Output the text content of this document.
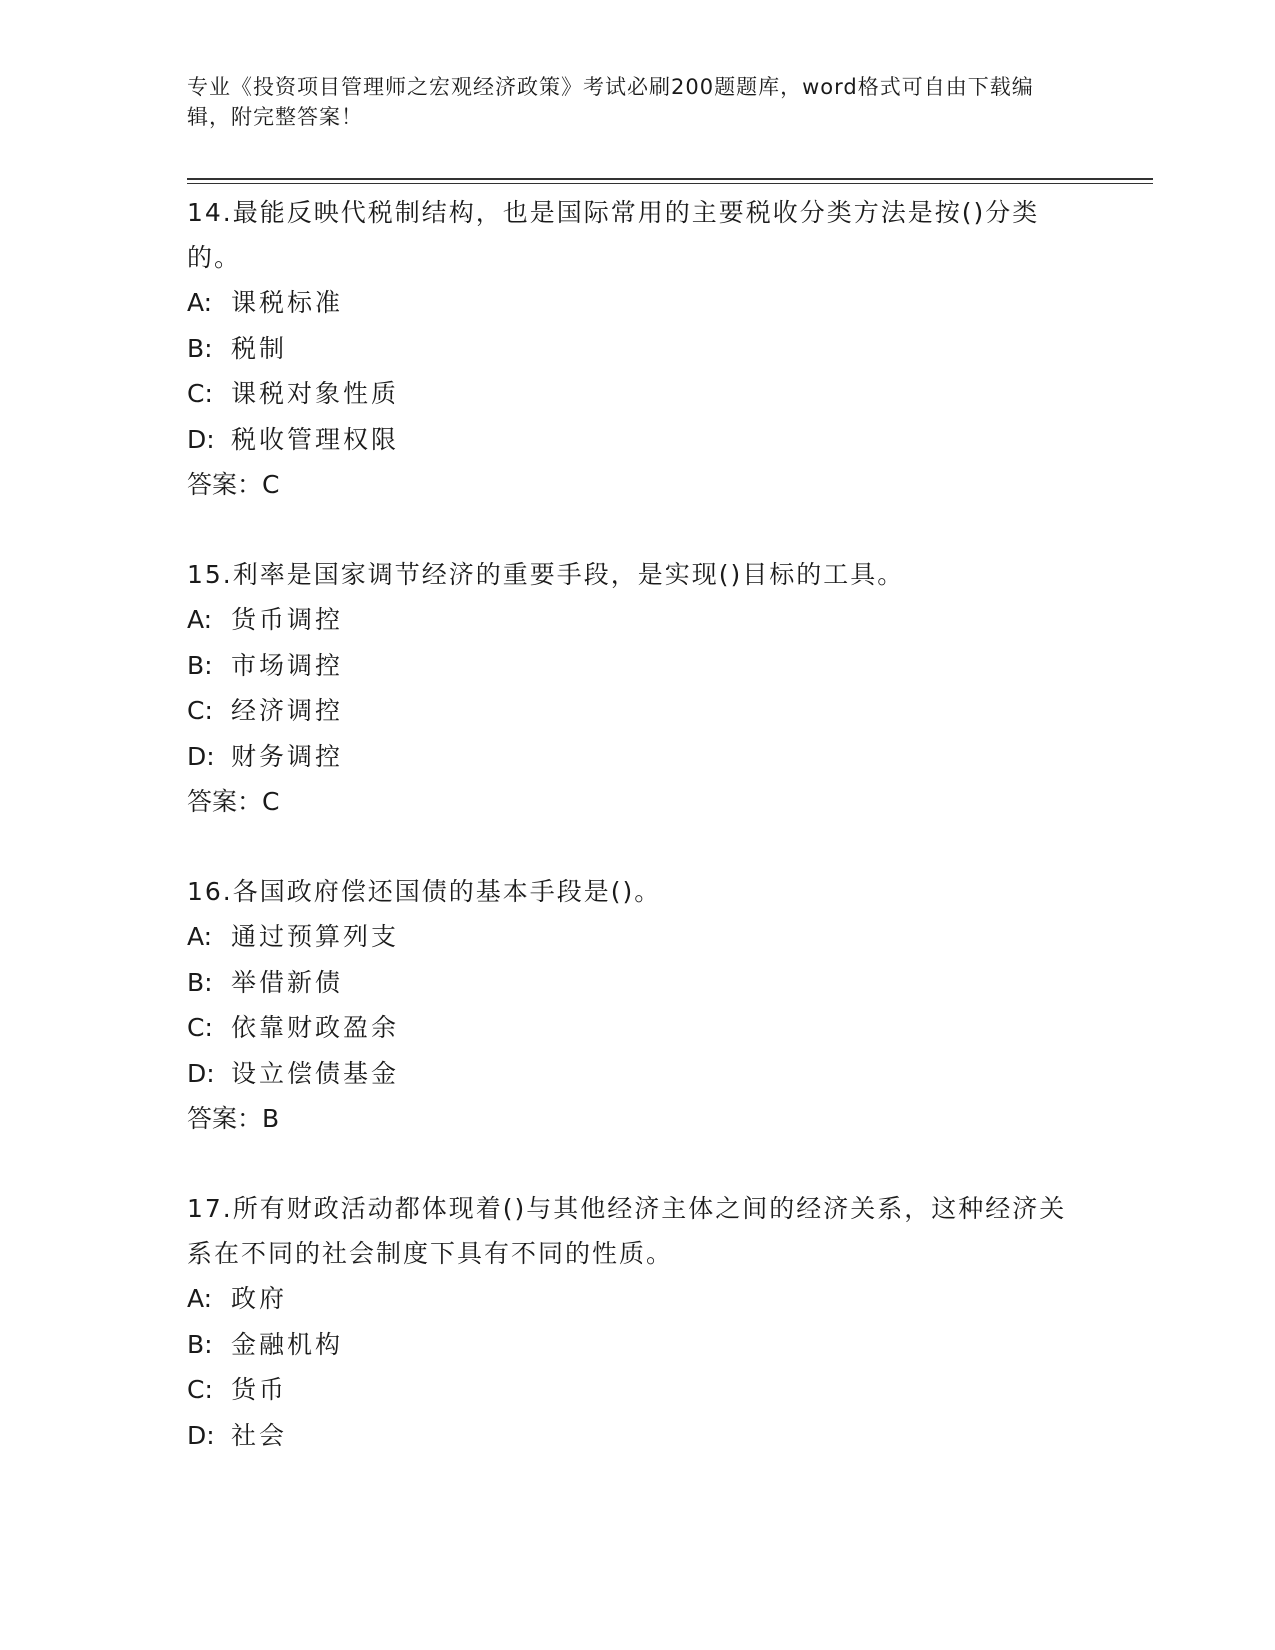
专业《投资项目管理师之宏观经济政策》考试必刷200题题库，word格式可自由下载编辑，附完整答案！

14.最能反映代税制结构，也是国际常用的主要税收分类方法是按()分类的。

A: 课税标准

B: 税制

C: 课税对象性质

D: 税收管理权限

答案：C

15.利率是国家调节经济的重要手段，是实现()目标的工具。

A: 货币调控

B: 市场调控

C: 经济调控

D: 财务调控

答案：C

16.各国政府偿还国债的基本手段是()。

A: 通过预算列支

B: 举借新债

C: 依靠财政盈余

D: 设立偿债基金

答案：B

17.所有财政活动都体现着()与其他经济主体之间的经济关系，这种经济关系在不同的社会制度下具有不同的性质。

A: 政府

B: 金融机构

C: 货币

D: 社会
